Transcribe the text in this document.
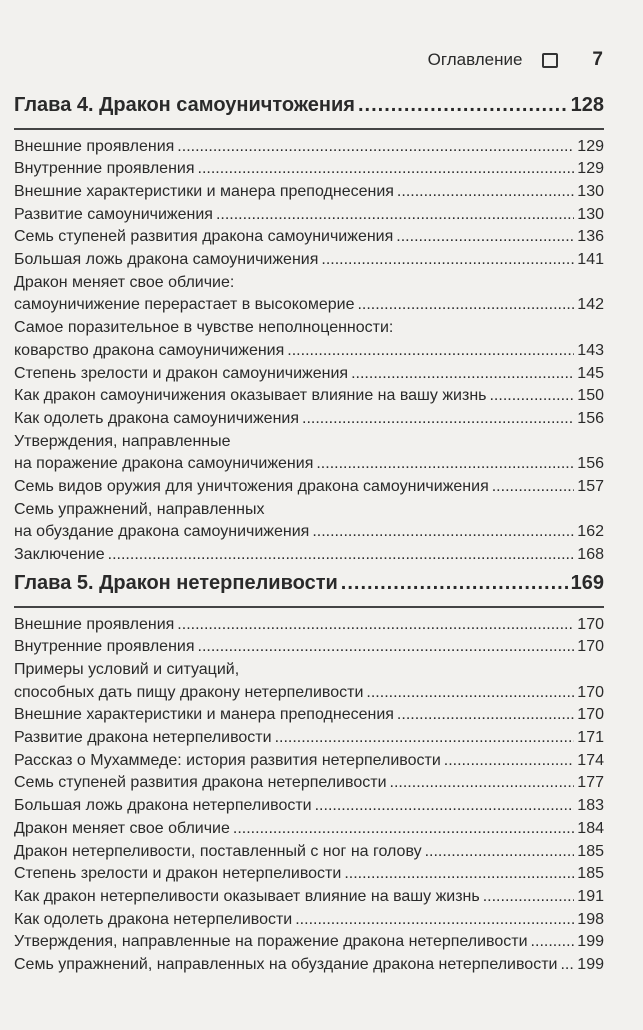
Оглавление	7
Глава 4. Дракон самоуничтожения .....	128
Внешние проявления .....	129
Внутренние проявления .....	129
Внешние характеристики и манера преподнесения .....	130
Развитие самоуничижения .....	130
Семь ступеней развития дракона самоуничижения .....	136
Большая ложь дракона самоуничижения .....	141
Дракон меняет свое обличие:
самоуничижение перерастает в высокомерие .....	142
Самое поразительное в чувстве неполноценности:
коварство дракона самоуничижения .....	143
Степень зрелости и дракон самоуничижения .....	145
Как дракон самоуничижения оказывает влияние на вашу жизнь .....	150
Как одолеть дракона самоуничижения .....	156
Утверждения, направленные
на поражение дракона самоуничижения .....	156
Семь видов оружия для уничтожения дракона самоуничижения .....	157
Семь упражнений, направленных
на обуздание дракона самоуничижения .....	162
Заключение .....	168
Глава 5. Дракон нетерпеливости .....	169
Внешние проявления .....	170
Внутренние проявления .....	170
Примеры условий и ситуаций,
способных дать пищу дракону нетерпеливости .....	170
Внешние характеристики и манера преподнесения .....	170
Развитие дракона нетерпеливости .....	171
Рассказ о Мухаммеде: история развития нетерпеливости .....	174
Семь ступеней развития дракона нетерпеливости .....	177
Большая ложь дракона нетерпеливости .....	183
Дракон меняет свое обличие .....	184
Дракон нетерпеливости, поставленный с ног на голову .....	185
Степень зрелости и дракон нетерпеливости .....	185
Как дракон нетерпеливости оказывает влияние на вашу жизнь .....	191
Как одолеть дракона нетерпеливости .....	198
Утверждения, направленные на поражение дракона нетерпеливости .....	199
Семь упражнений, направленных на обуздание дракона нетерпеливости ..... 199
